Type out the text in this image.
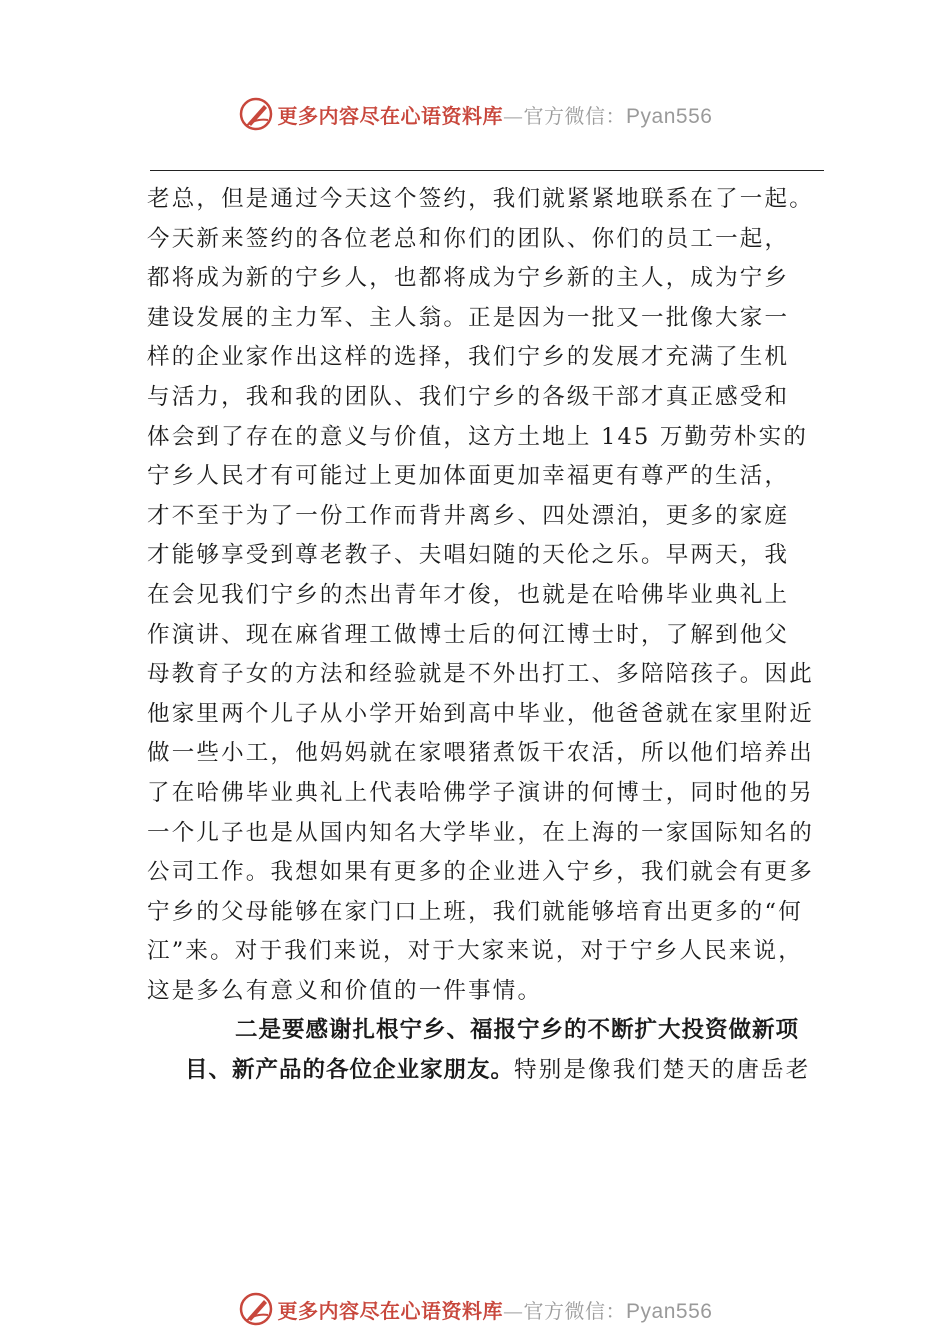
更多内容尽在心语资料库—官方微信：Pyan556
老总，但是通过今天这个签约，我们就紧紧地联系在了一起。
今天新来签约的各位老总和你们的团队、你们的员工一起，
都将成为新的宁乡人，也都将成为宁乡新的主人，成为宁乡
建设发展的主力军、主人翁。正是因为一批又一批像大家一
样的企业家作出这样的选择，我们宁乡的发展才充满了生机
与活力，我和我的团队、我们宁乡的各级干部才真正感受和
体会到了存在的意义与价值，这方土地上 145 万勤劳朴实的
宁乡人民才有可能过上更加体面更加幸福更有尊严的生活，
才不至于为了一份工作而背井离乡、四处漂泊，更多的家庭
才能够享受到尊老教子、夫唱妇随的天伦之乐。早两天，我
在会见我们宁乡的杰出青年才俊，也就是在哈佛毕业典礼上
作演讲、现在麻省理工做博士后的何江博士时，了解到他父
母教育子女的方法和经验就是不外出打工、多陪陪孩子。因此
他家里两个儿子从小学开始到高中毕业，他爸爸就在家里附近
做一些小工，他妈妈就在家喂猪煮饭干农活，所以他们培养出
了在哈佛毕业典礼上代表哈佛学子演讲的何博士，同时他的另
一个儿子也是从国内知名大学毕业，在上海的一家国际知名的
公司工作。我想如果有更多的企业进入宁乡，我们就会有更多
宁乡的父母能够在家门口上班，我们就能够培育出更多的“何
江”来。对于我们来说，对于大家来说，对于宁乡人民来说，
这是多么有意义和价值的一件事情。
二是要感谢扎根宁乡、福报宁乡的不断扩大投资做新项
目、新产品的各位企业家朋友。特别是像我们楚天的唐岳老
更多内容尽在心语资料库—官方微信：Pyan556
